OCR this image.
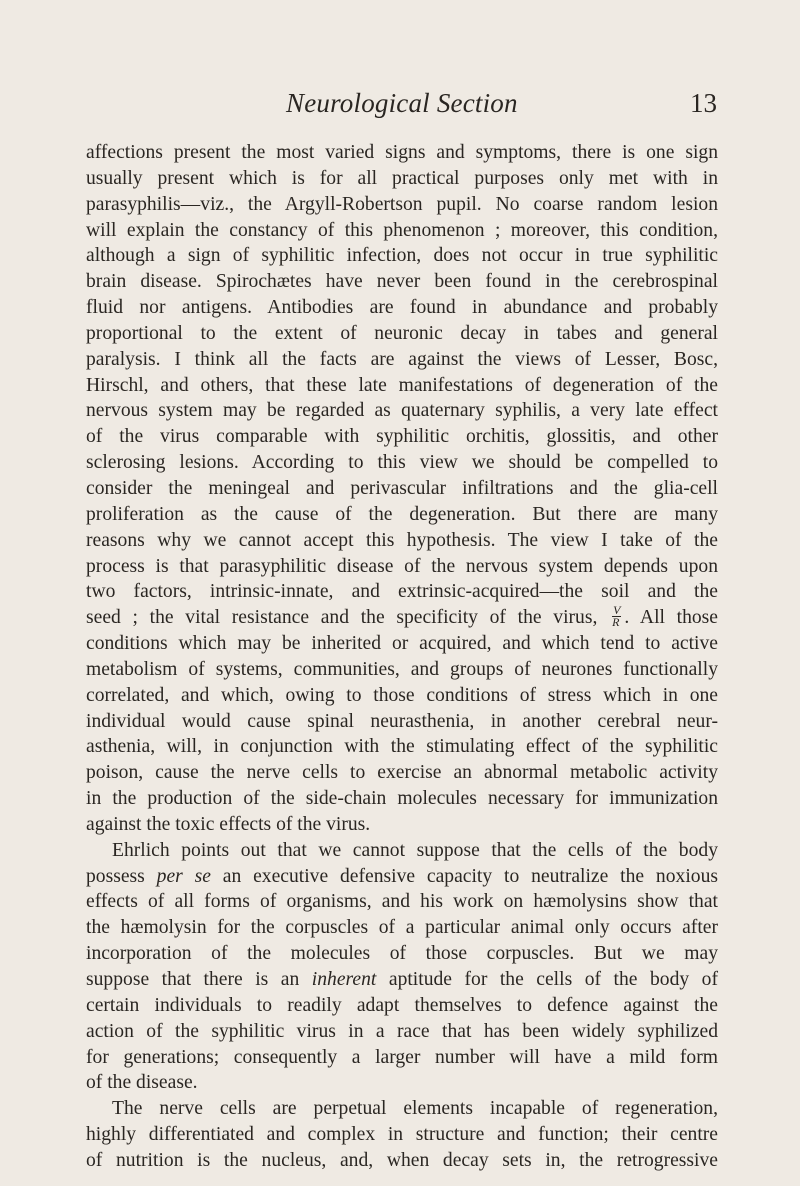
Neurological Section	13
affections present the most varied signs and symptoms, there is one sign
usually present which is for all practical purposes only met with in
parasyphilis—viz., the Argyll-Robertson pupil. No coarse random lesion
will explain the constancy of this phenomenon ; moreover, this condition,
although a sign of syphilitic infection, does not occur in true syphilitic
brain disease. Spirochætes have never been found in the cerebrospinal
fluid nor antigens. Antibodies are found in abundance and probably
proportional to the extent of neuronic decay in tabes and general
paralysis. I think all the facts are against the views of Lesser, Bosc,
Hirschl, and others, that these late manifestations of degeneration of the
nervous system may be regarded as quaternary syphilis, a very late effect
of the virus comparable with syphilitic orchitis, glossitis, and other
sclerosing lesions. According to this view we should be compelled to
consider the meningeal and perivascular infiltrations and the glia-cell
proliferation as the cause of the degeneration. But there are many
reasons why we cannot accept this hypothesis. The view I take of the
process is that parasyphilitic disease of the nervous system depends upon
two factors, intrinsic-innate, and extrinsic-acquired—the soil and the
seed ; the vital resistance and the specificity of the virus, $\frac{V}{R}$ . All those
conditions which may be inherited or acquired, and which tend to active
metabolism of systems, communities, and groups of neurones functionally
correlated, and which, owing to those conditions of stress which in one
individual would cause spinal neurasthenia, in another cerebral neur-
asthenia, will, in conjunction with the stimulating effect of the syphilitic
poison, cause the nerve cells to exercise an abnormal metabolic activity
in the production of the side-chain molecules necessary for immunization
against the toxic effects of the virus.
Ehrlich points out that we cannot suppose that the cells of the body
possess per se an executive defensive capacity to neutralize the noxious
effects of all forms of organisms, and his work on hæmolysins show that
the hæmolysin for the corpuscles of a particular animal only occurs after
incorporation of the molecules of those corpuscles. But we may
suppose that there is an inherent aptitude for the cells of the body of
certain individuals to readily adapt themselves to defence against the
action of the syphilitic virus in a race that has been widely syphilized
for generations; consequently a larger number will have a mild form
of the disease.
The nerve cells are perpetual elements incapable of regeneration,
highly differentiated and complex in structure and function; their centre
of nutrition is the nucleus, and, when decay sets in, the retrogressive
